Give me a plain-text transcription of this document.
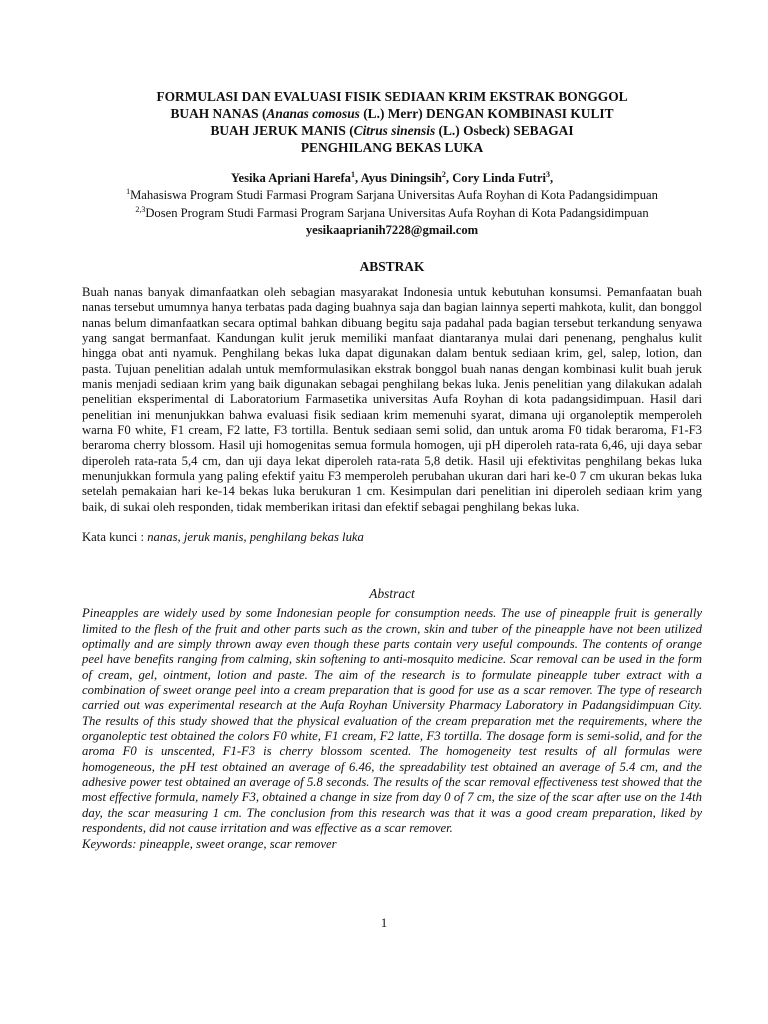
FORMULASI DAN EVALUASI FISIK SEDIAAN KRIM EKSTRAK BONGGOL
BUAH NANAS (Ananas comosus (L.) Merr) DENGAN KOMBINASI KULIT
BUAH JERUK MANIS (Citrus sinensis (L.) Osbeck) SEBAGAI
PENGHILANG BEKAS LUKA
Yesika Apriani Harefa$^1$, Ayus Diningsih$^2$, Cory Linda Futri$^3$,
$^1$Mahasiswa Program Studi Farmasi Program Sarjana Universitas Aufa Royhan di Kota Padangsidimpuan
$^{2,3}$Dosen Program Studi Farmasi Program Sarjana Universitas Aufa Royhan di Kota Padangsidimpuan
yesikaaprianih7228@gmail.com
ABSTRAK

Buah nanas banyak dimanfaatkan oleh sebagian masyarakat Indonesia untuk kebutuhan konsumsi. Pemanfaatan buah nanas tersebut umumnya hanya terbatas pada daging buahnya saja dan bagian lainnya seperti mahkota, kulit, dan bonggol nanas belum dimanfaatkan secara optimal bahkan dibuang begitu saja padahal pada bagian tersebut terkandung senyawa yang sangat bermanfaat. Kandungan kulit jeruk memiliki manfaat diantaranya mulai dari penenang, penghalus kulit hingga obat anti nyamuk. Penghilang bekas luka dapat digunakan dalam bentuk sediaan krim, gel, salep, lotion, dan pasta. Tujuan penelitian adalah untuk memformulasikan ekstrak bonggol buah nanas dengan kombinasi kulit buah jeruk manis menjadi sediaan krim yang baik digunakan sebagai penghilang bekas luka. Jenis penelitian yang dilakukan adalah penelitian eksperimental di Laboratorium Farmasetika universitas Aufa Royhan di kota padangsidimpuan. Hasil dari penelitian ini menunjukkan bahwa evaluasi fisik sediaan krim memenuhi syarat, dimana uji organoleptik memperoleh warna F0 white, F1 cream, F2 latte, F3 tortilla. Bentuk sediaan semi solid, dan untuk aroma F0 tidak beraroma, F1-F3 beraroma cherry blossom. Hasil uji homogenitas semua formula homogen, uji pH diperoleh rata-rata 6,46, uji daya sebar diperoleh rata-rata 5,4 cm, dan uji daya lekat diperoleh rata-rata 5,8 detik. Hasil uji efektivitas penghilang bekas luka menunjukkan formula yang paling efektif yaitu F3 memperoleh perubahan ukuran dari hari ke-0 7 cm ukuran bekas luka setelah pemakaian hari ke-14 bekas luka berukuran 1 cm. Kesimpulan dari penelitian ini diperoleh sediaan krim yang baik, di sukai oleh responden, tidak memberikan iritasi dan efektif sebagai penghilang bekas luka.

Kata kunci : nanas, jeruk manis, penghilang bekas luka
Abstract

Pineapples are widely used by some Indonesian people for consumption needs. The use of pineapple fruit is generally limited to the flesh of the fruit and other parts such as the crown, skin and tuber of the pineapple have not been utilized optimally and are simply thrown away even though these parts contain very useful compounds. The contents of orange peel have benefits ranging from calming, skin softening to anti-mosquito medicine. Scar removal can be used in the form of cream, gel, ointment, lotion and paste. The aim of the research is to formulate pineapple tuber extract with a combination of sweet orange peel into a cream preparation that is good for use as a scar remover. The type of research carried out was experimental research at the Aufa Royhan University Pharmacy Laboratory in Padangsidimpuan City. The results of this study showed that the physical evaluation of the cream preparation met the requirements, where the organoleptic test obtained the colors F0 white, F1 cream, F2 latte, F3 tortilla. The dosage form is semi-solid, and for the aroma F0 is unscented, F1-F3 is cherry blossom scented. The homogeneity test results of all formulas were homogeneous, the pH test obtained an average of 6.46, the spreadability test obtained an average of 5.4 cm, and the adhesive power test obtained an average of 5.8 seconds. The results of the scar removal effectiveness test showed that the most effective formula, namely F3, obtained a change in size from day 0 of 7 cm, the size of the scar after use on the 14th day, the scar measuring 1 cm. The conclusion from this research was that it was a good cream preparation, liked by respondents, did not cause irritation and was effective as a scar remover.

Keywords: pineapple, sweet orange, scar remover

1
